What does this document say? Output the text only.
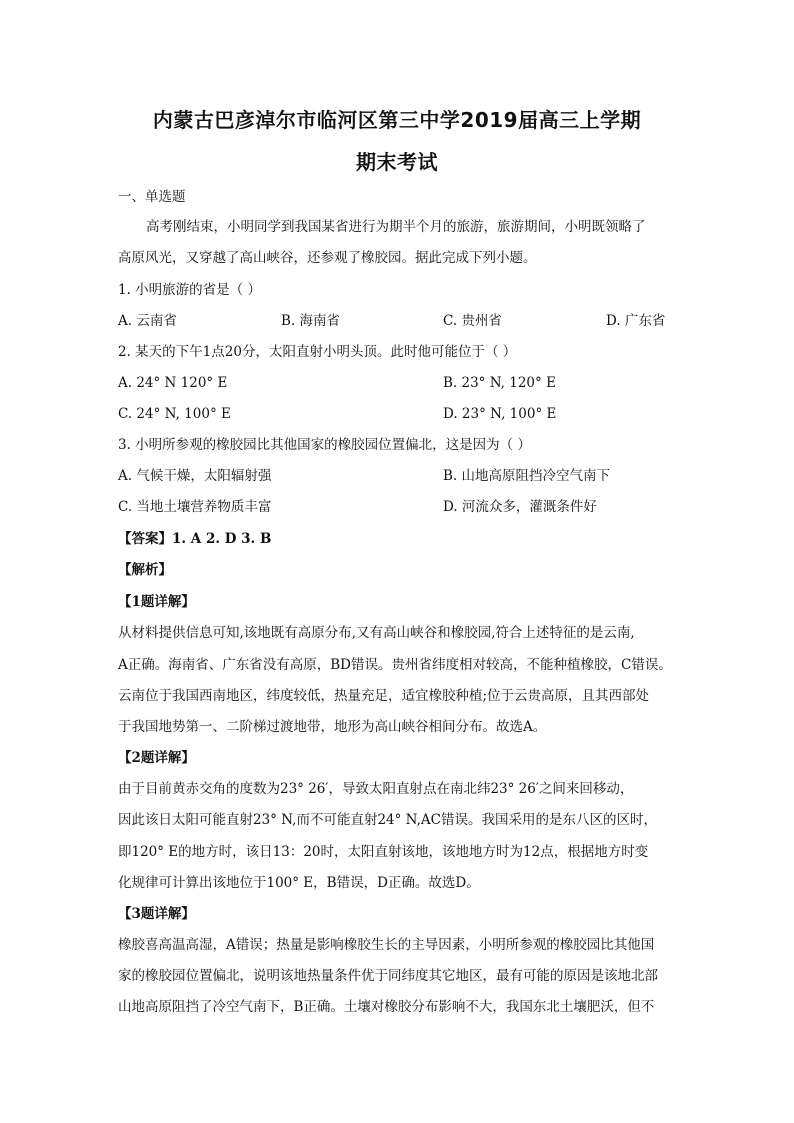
内蒙古巴彦淖尔市临河区第三中学2019届高三上学期
期末考试
一、单选题
高考刚结束，小明同学到我国某省进行为期半个月的旅游，旅游期间，小明既领略了
高原风光，又穿越了高山峡谷，还参观了橡胶园。据此完成下列小题。
1. 小明旅游的省是（ ）
A. 云南省	B. 海南省	C. 贵州省	D. 广东省
2. 某天的下午1点20分，太阳直射小明头顶。此时他可能位于（ ）
A. 24° N 120° E	B. 23° N, 120° E
C. 24° N, 100° E	D. 23° N, 100° E
3. 小明所参观的橡胶园比其他国家的橡胶园位置偏北，这是因为（ ）
A. 气候干燥，太阳辐射强	B. 山地高原阻挡冷空气南下
C. 当地土壤营养物质丰富	D. 河流众多，灌溉条件好
【答案】1. A 2. D 3. B
【解析】
【1题详解】
从材料提供信息可知,该地既有高原分布,又有高山峡谷和橡胶园,符合上述特征的是云南,
A正确。海南省、广东省没有高原，BD错误。贵州省纬度相对较高，不能种植橡胶，C错误。
云南位于我国西南地区，纬度较低，热量充足，适宜橡胶种植;位于云贵高原，且其西部处
于我国地势第一、二阶梯过渡地带，地形为高山峡谷相间分布。故选A。
【2题详解】
由于目前黄赤交角的度数为23° 26′，导致太阳直射点在南北纬23° 26′之间来回移动，
因此该日太阳可能直射23° N,而不可能直射24° N,AC错误。我国采用的是东八区的区时，
即120° E的地方时，该日13：20时，太阳直射该地，该地地方时为12点，根据地方时变
化规律可计算出该地位于100° E，B错误，D正确。故选D。
【3题详解】
橡胶喜高温高湿，A错误；热量是影响橡胶生长的主导因素，小明所参观的橡胶园比其他国
家的橡胶园位置偏北，说明该地热量条件优于同纬度其它地区，最有可能的原因是该地北部
山地高原阻挡了冷空气南下，B正确。土壤对橡胶分布影响不大，我国东北土壤肥沃，但不
